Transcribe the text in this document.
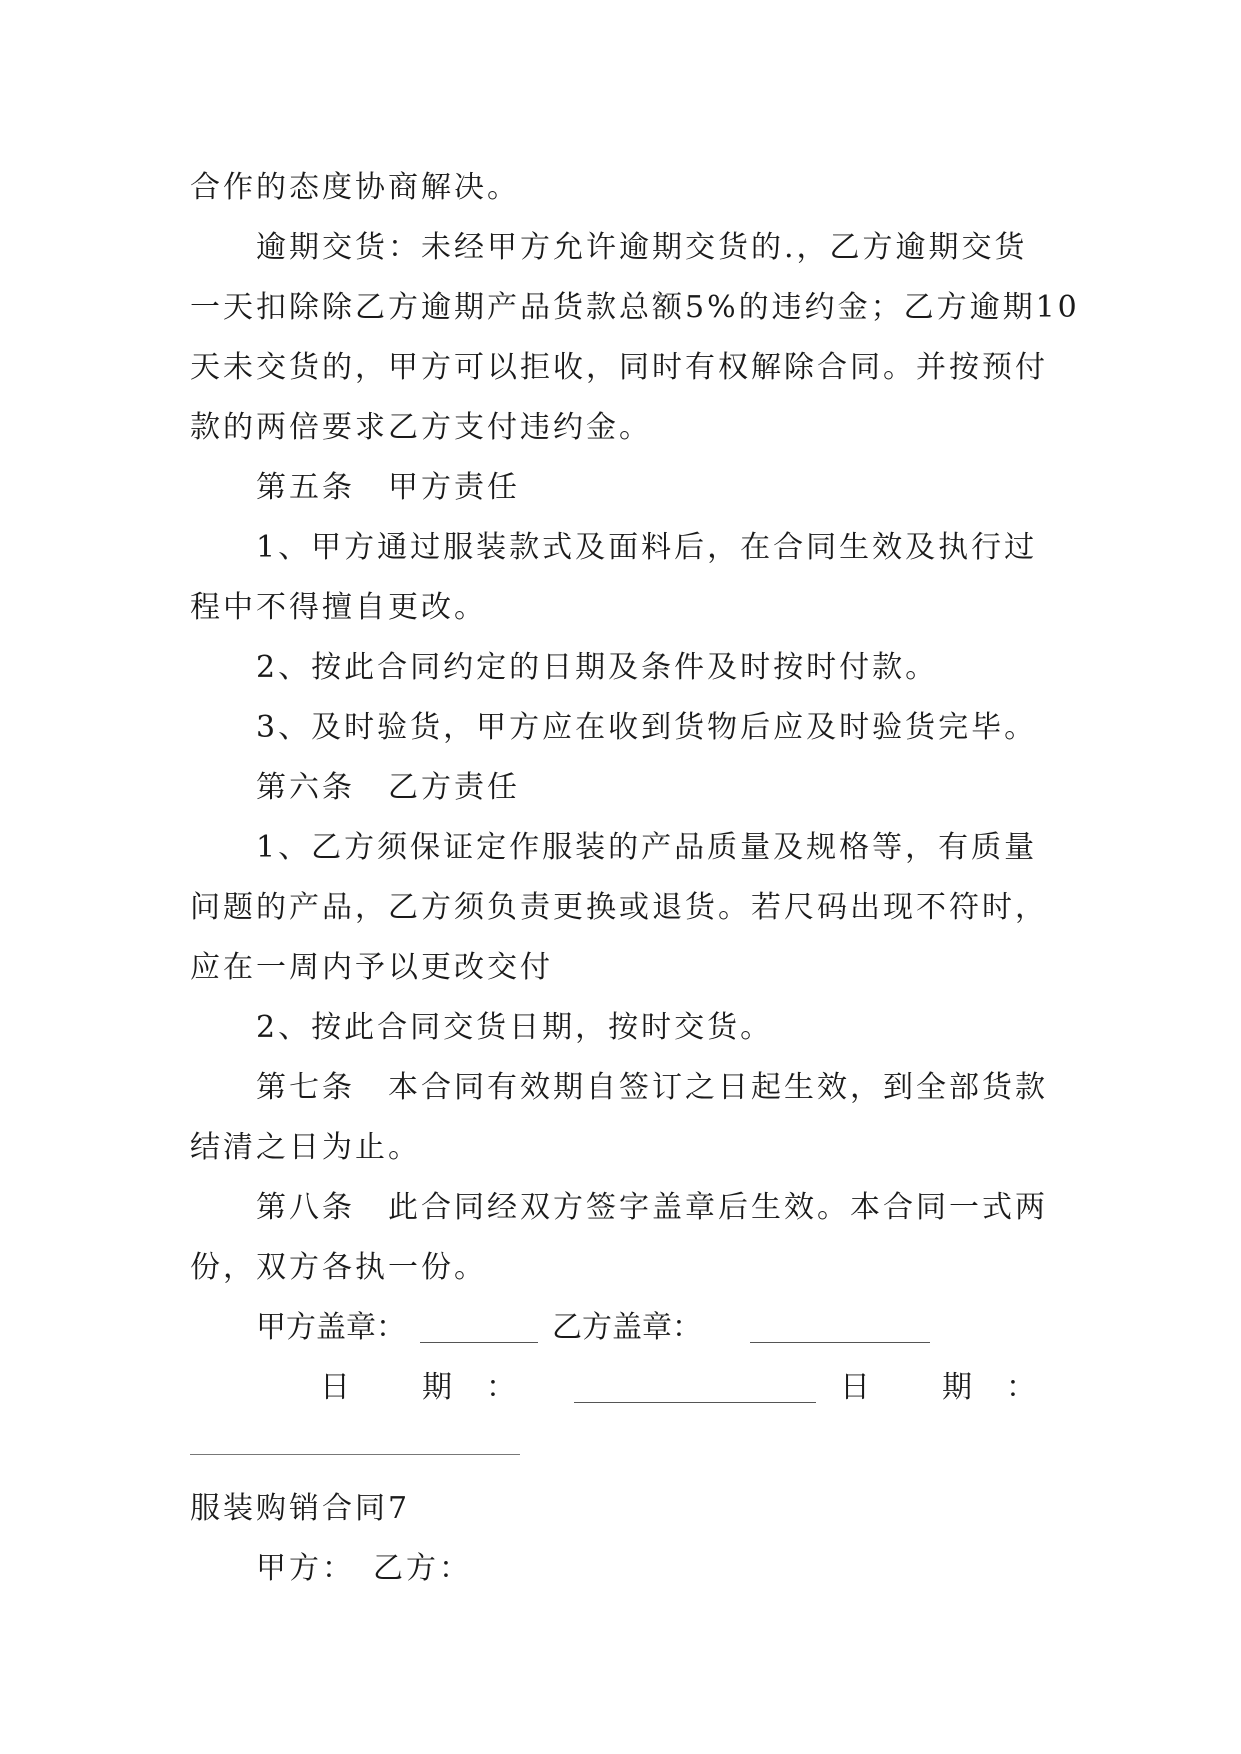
合作的态度协商解决。
逾期交货：未经甲方允许逾期交货的.，乙方逾期交货
一天扣除除乙方逾期产品货款总额5%的违约金；乙方逾期10
天未交货的，甲方可以拒收，同时有权解除合同。并按预付
款的两倍要求乙方支付违约金。
第五条　甲方责任
1、甲方通过服装款式及面料后，在合同生效及执行过
程中不得擅自更改。
2、按此合同约定的日期及条件及时按时付款。
3、及时验货，甲方应在收到货物后应及时验货完毕。
第六条　乙方责任
1、乙方须保证定作服装的产品质量及规格等，有质量
问题的产品，乙方须负责更换或退货。若尺码出现不符时，
应在一周内予以更改交付
2、按此合同交货日期，按时交货。
第七条　本合同有效期自签订之日起生效，到全部货款
结清之日为止。
第八条　此合同经双方签字盖章后生效。本合同一式两
份，双方各执一份。
甲方盖章：	乙方盖章：
日 期 ：	日 期 ：
服装购销合同7
甲方：　乙方：
